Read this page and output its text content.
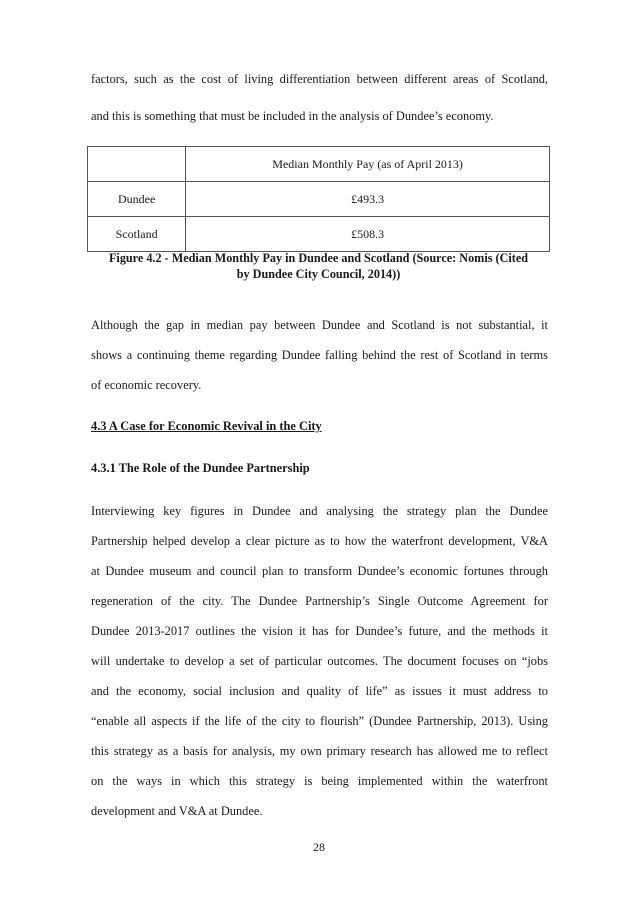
factors, such as the cost of living differentiation between different areas of Scotland,
and this is something that must be included in the analysis of Dundee’s economy.
	Median Monthly Pay (as of April 2013)
Dundee	£493.3
Scotland	£508.3
Figure 4.2 - Median Monthly Pay in Dundee and Scotland (Source: Nomis (Cited
by Dundee City Council, 2014))
Although the gap in median pay between Dundee and Scotland is not substantial, it
shows a continuing theme regarding Dundee falling behind the rest of Scotland in terms
of economic recovery.
4.3 A Case for Economic Revival in the City
4.3.1 The Role of the Dundee Partnership
Interviewing key figures in Dundee and analysing the strategy plan the Dundee
Partnership helped develop a clear picture as to how the waterfront development, V&A
at Dundee museum and council plan to transform Dundee’s economic fortunes through
regeneration of the city. The Dundee Partnership’s Single Outcome Agreement for
Dundee 2013-2017 outlines the vision it has for Dundee’s future, and the methods it
will undertake to develop a set of particular outcomes. The document focuses on “jobs
and the economy, social inclusion and quality of life” as issues it must address to
“enable all aspects if the life of the city to flourish” (Dundee Partnership, 2013). Using
this strategy as a basis for analysis, my own primary research has allowed me to reflect
on the ways in which this strategy is being implemented within the waterfront
development and V&A at Dundee.
28
